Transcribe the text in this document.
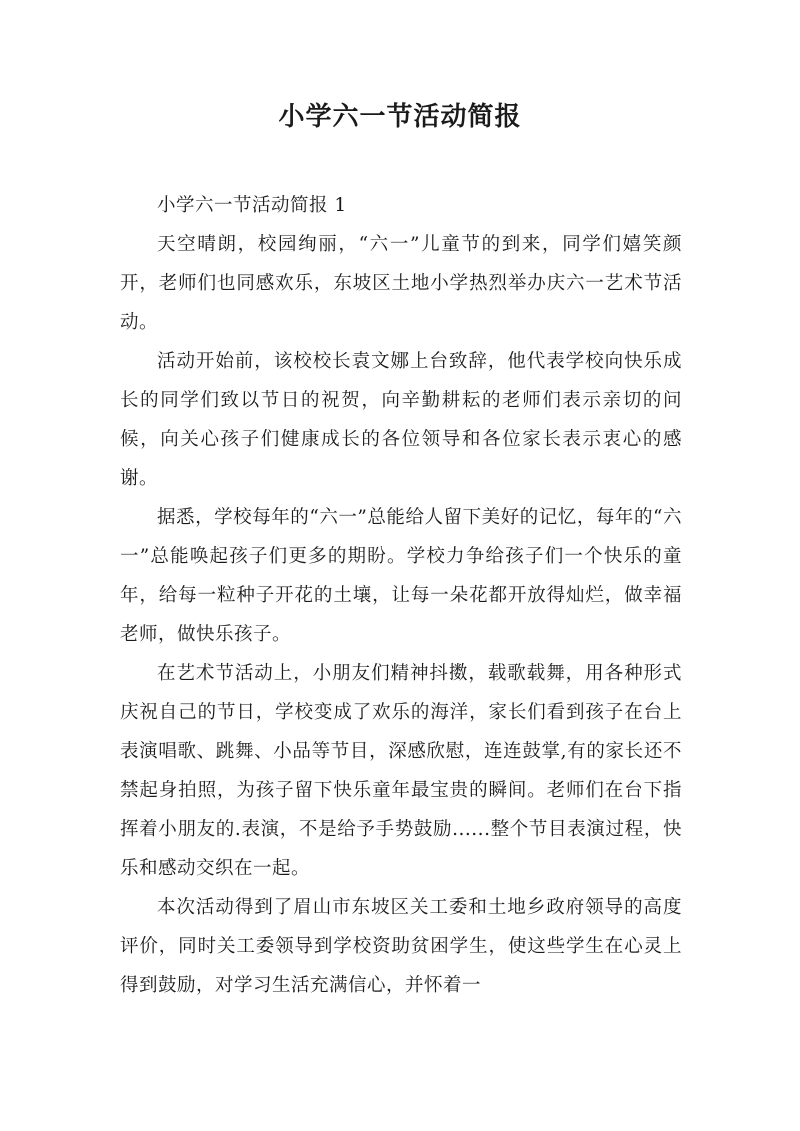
小学六一节活动简报

小学六一节活动简报 1

天空晴朗，校园绚丽，“六一”儿童节的到来，同学们嬉笑颜开，老师们也同感欢乐，东坡区土地小学热烈举办庆六一艺术节活动。

活动开始前，该校校长袁文娜上台致辞，他代表学校向快乐成长的同学们致以节日的祝贺，向辛勤耕耘的老师们表示亲切的问候，向关心孩子们健康成长的各位领导和各位家长表示衷心的感谢。

据悉，学校每年的“六一”总能给人留下美好的记忆，每年的“六一”总能唤起孩子们更多的期盼。学校力争给孩子们一个快乐的童年，给每一粒种子开花的土壤，让每一朵花都开放得灿烂，做幸福老师，做快乐孩子。

在艺术节活动上，小朋友们精神抖擞，载歌载舞，用各种形式庆祝自己的节日，学校变成了欢乐的海洋，家长们看到孩子在台上表演唱歌、跳舞、小品等节目，深感欣慰，连连鼓掌,有的家长还不禁起身拍照，为孩子留下快乐童年最宝贵的瞬间。老师们在台下指挥着小朋友的.表演，不是给予手势鼓励......整个节目表演过程，快乐和感动交织在一起。

本次活动得到了眉山市东坡区关工委和土地乡政府领导的高度评价，同时关工委领导到学校资助贫困学生，使这些学生在心灵上得到鼓励，对学习生活充满信心，并怀着一
